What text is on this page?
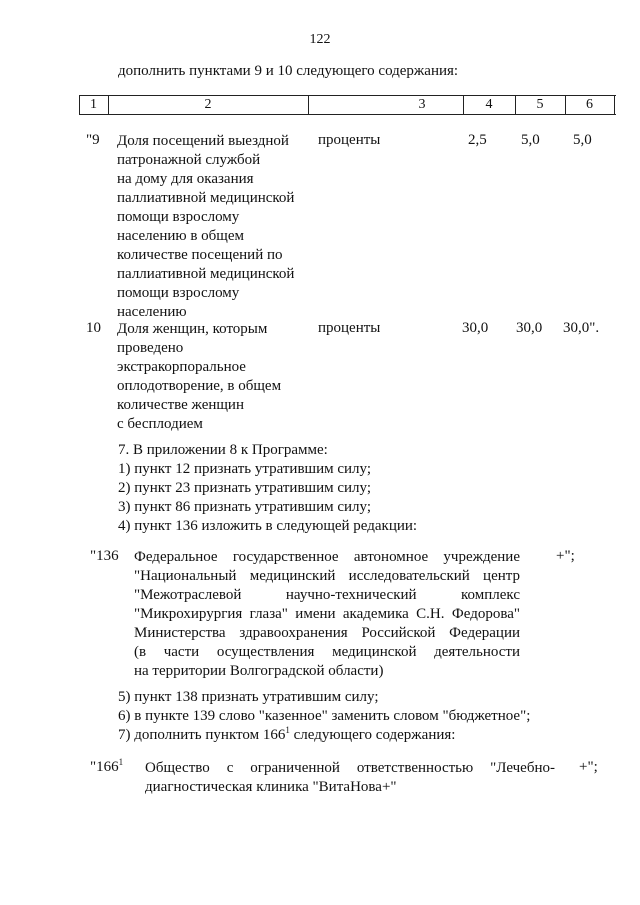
122
дополнить пунктами 9 и 10 следующего содержания:
1	2	3	4	5	6
"9 Доля посещений выездной
патронажной службой
на дому для оказания
паллиативной медицинской
помощи взрослому
населению в общем
количестве посещений по
паллиативной медицинской
помощи взрослому
населению
проценты	2,5 5,0 5,0
10 Доля женщин, которым
проведено
экстракорпоральное
оплодотворение, в общем
количестве женщин
с бесплодием
проценты	30,0 30,0 30,0".
7. В приложении 8 к Программе:
1) пункт 12 признать утратившим силу;
2) пункт 23 признать утратившим силу;
3) пункт 86 признать утратившим силу;
4) пункт 136 изложить в следующей редакции:
"136 Федеральное государственное автономное учреждение
"Национальный медицинский исследовательский центр
"Межотраслевой научно-технический комплекс
"Микрохирургия глаза" имени академика С.Н. Федорова"
Министерства здравоохранения Российской Федерации
(в части осуществления медицинской деятельности
на территории Волгоградской области)
+";
5) пункт 138 признать утратившим силу;
6) в пункте 139 слово "казенное" заменить словом "бюджетное";
7) дополнить пунктом $166^1$ следующего содержания:
"$166^1$ Общество с ограниченной ответственностью "Лечебно-
диагностическая клиника "ВитаНова+"
+";
